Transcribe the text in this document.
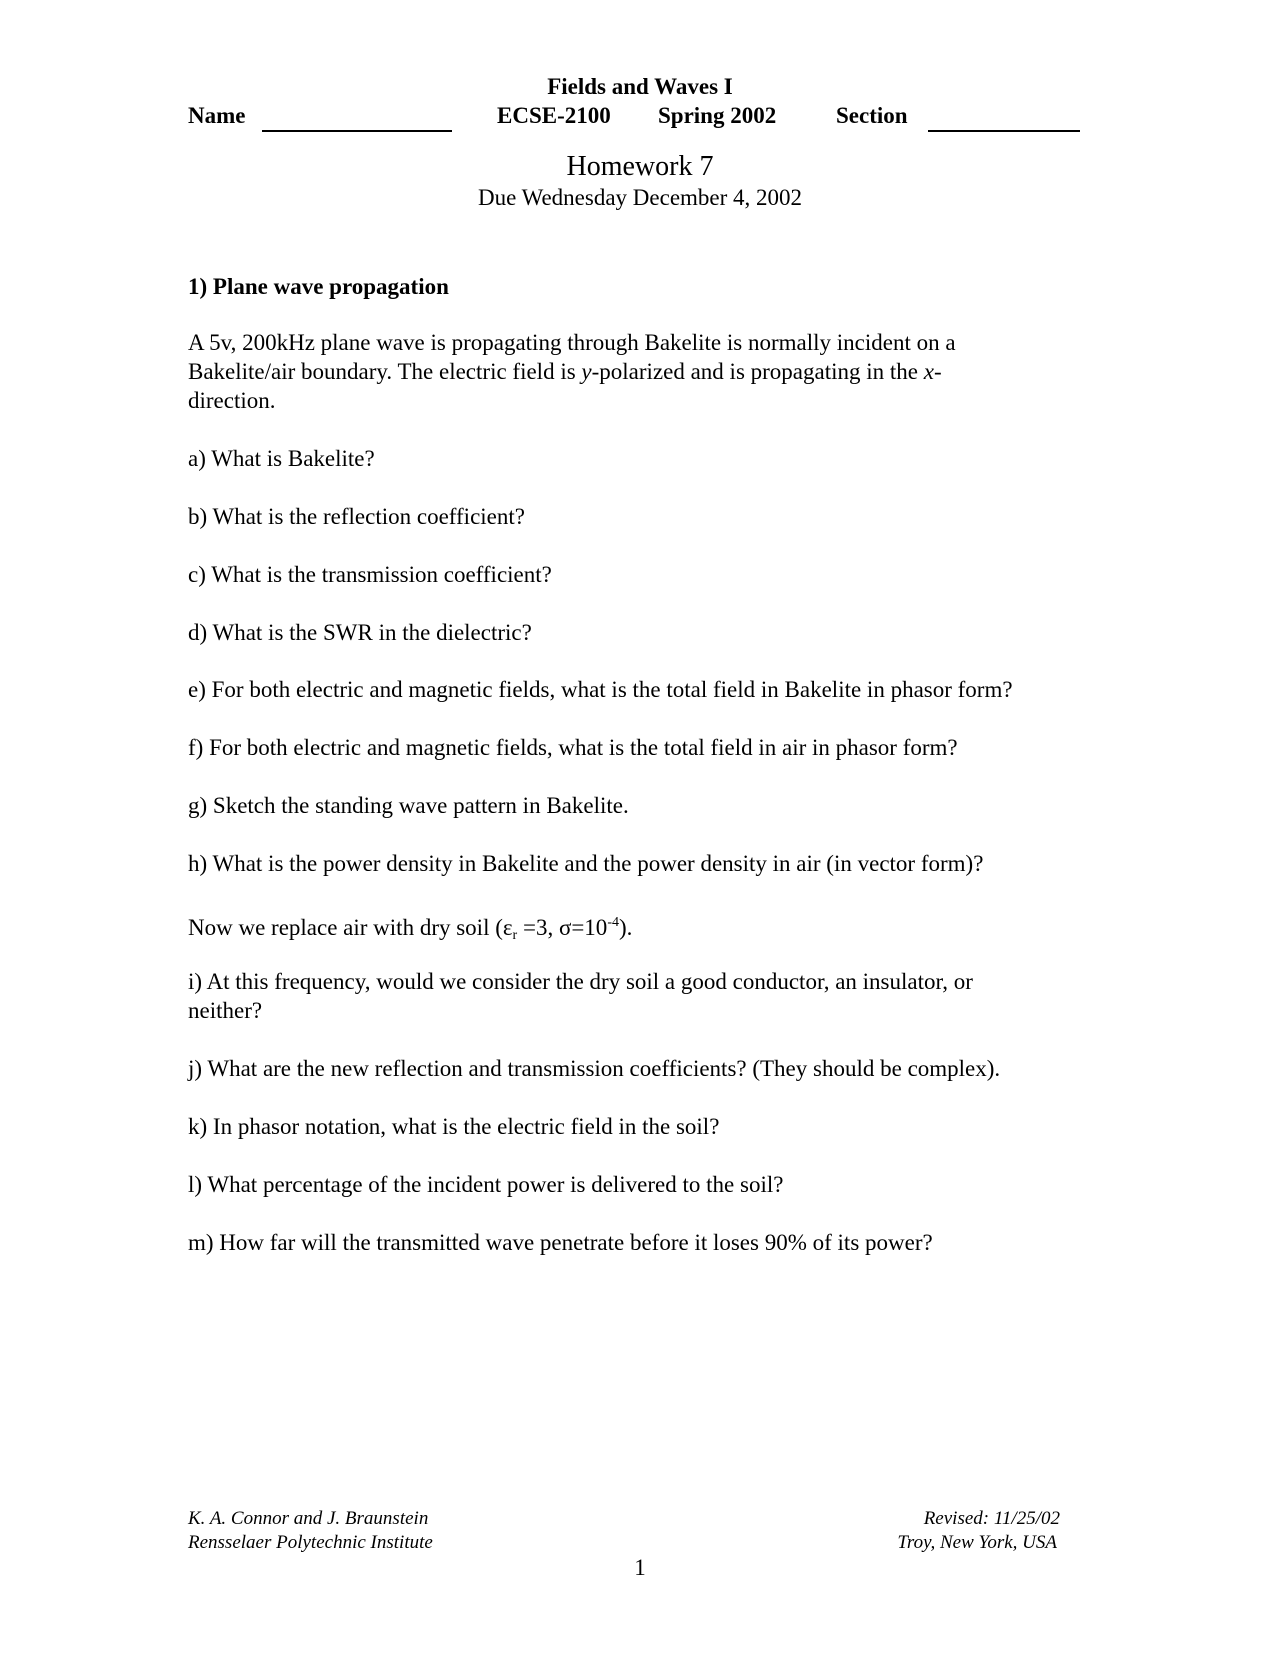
Fields and Waves I
Name	ECSE-2100 Spring 2002	Section
Homework 7
Due Wednesday December 4, 2002
1) Plane wave propagation
A 5v, 200kHz plane wave is propagating through Bakelite is normally incident on a
Bakelite/air boundary. The electric field is y-polarized and is propagating in the x-
direction.
a) What is Bakelite?
b) What is the reflection coefficient?
c) What is the transmission coefficient?
d) What is the SWR in the dielectric?
e) For both electric and magnetic fields, what is the total field in Bakelite in phasor form?
f) For both electric and magnetic fields, what is the total field in air in phasor form?
g) Sketch the standing wave pattern in Bakelite.
h) What is the power density in Bakelite and the power density in air (in vector form)?
Now we replace air with dry soil ($\varepsilon_r =3$, $\sigma=10^{-4}$).
i) At this frequency, would we consider the dry soil a good conductor, an insulator, or
neither?
j) What are the new reflection and transmission coefficients? (They should be complex).
k) In phasor notation, what is the electric field in the soil?
l) What percentage of the incident power is delivered to the soil?
m) How far will the transmitted wave penetrate before it loses 90% of its power?
K. A. Connor and J. Braunstein
Rensselaer Polytechnic Institute
Revised: 11/25/02
Troy, New York, USA
1
